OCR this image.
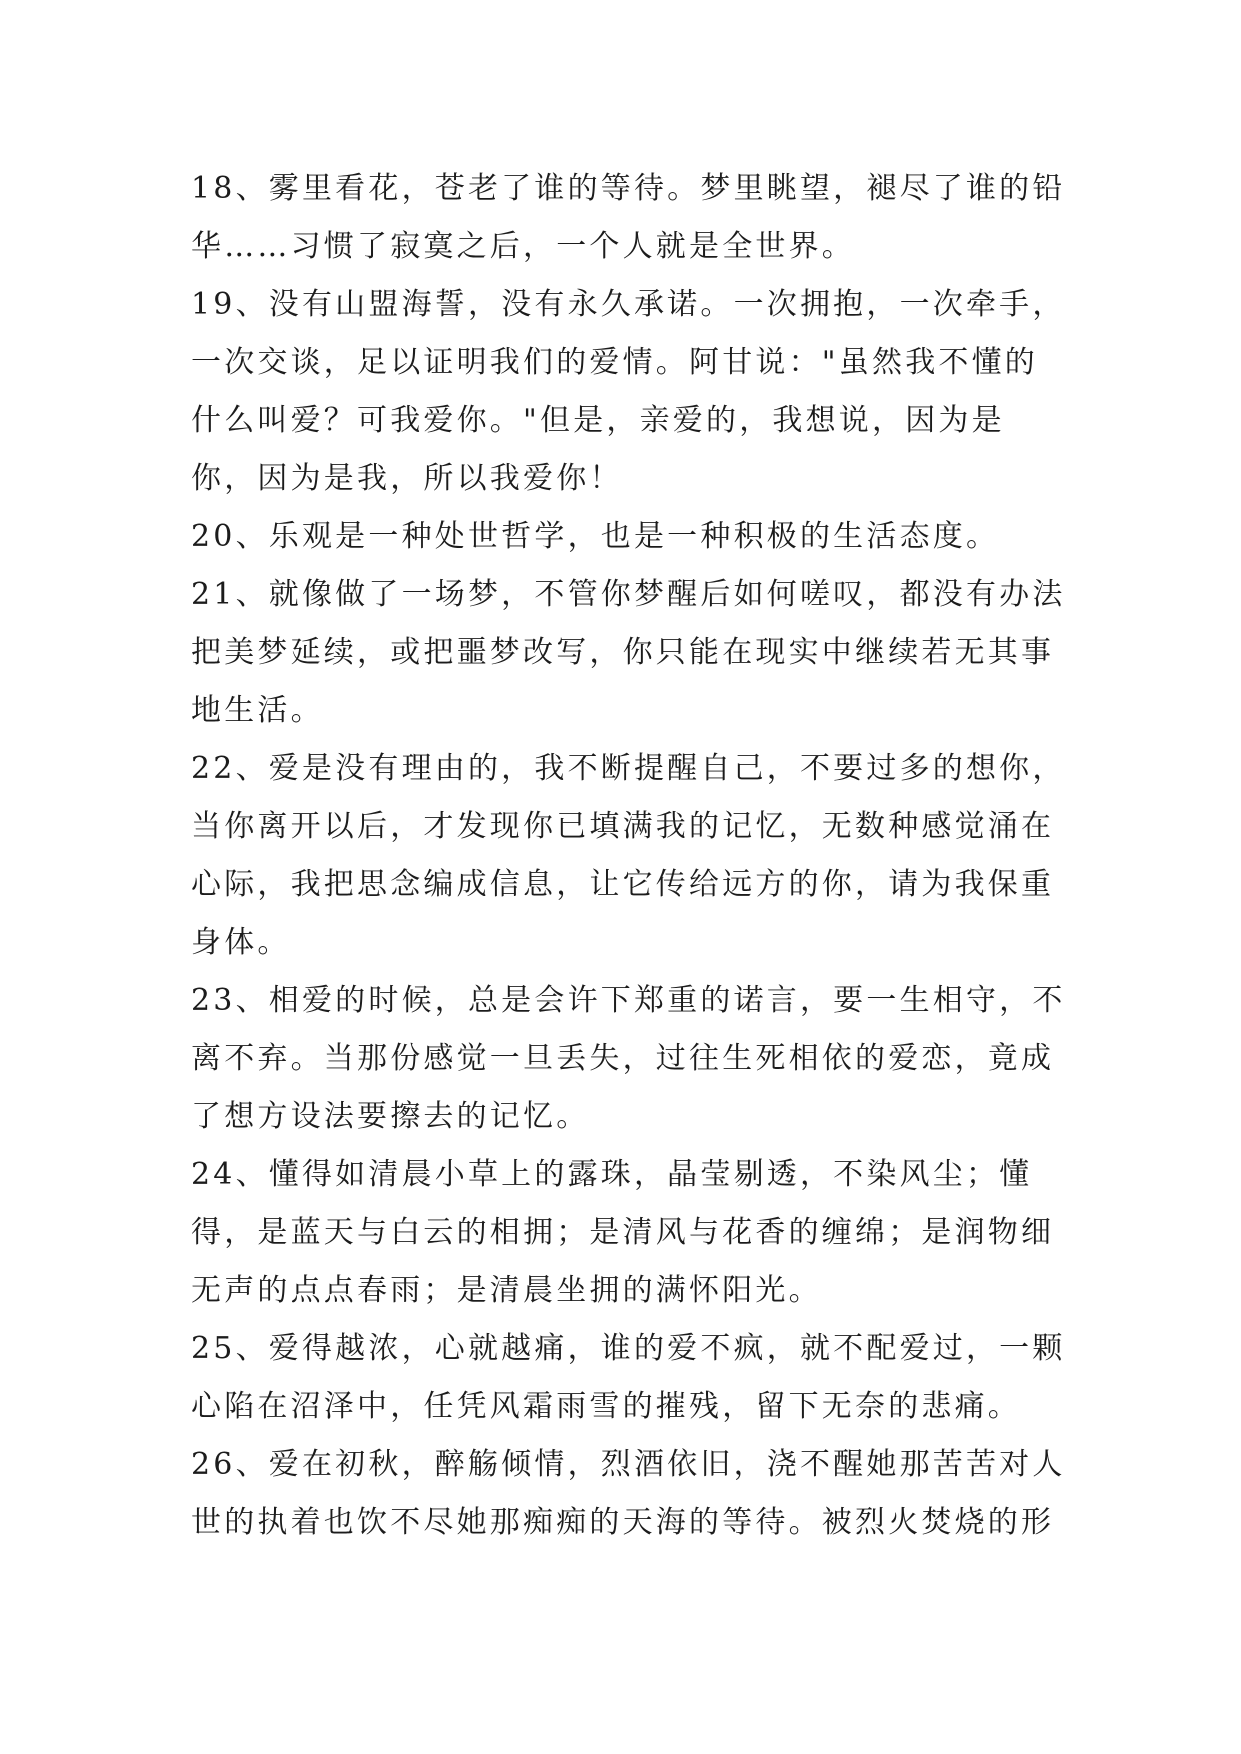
18、雾里看花，苍老了谁的等待。梦里眺望，褪尽了谁的铅华……习惯了寂寞之后，一个人就是全世界。

19、没有山盟海誓，没有永久承诺。一次拥抱，一次牵手，一次交谈，足以证明我们的爱情。阿甘说："虽然我不懂的什么叫爱？可我爱你。"但是，亲爱的，我想说，因为是你，因为是我，所以我爱你！

20、乐观是一种处世哲学，也是一种积极的生活态度。

21、就像做了一场梦，不管你梦醒后如何嗟叹，都没有办法把美梦延续，或把噩梦改写，你只能在现实中继续若无其事地生活。

22、爱是没有理由的，我不断提醒自己，不要过多的想你，当你离开以后，才发现你已填满我的记忆，无数种感觉涌在心际，我把思念编成信息，让它传给远方的你，请为我保重身体。

23、相爱的时候，总是会许下郑重的诺言，要一生相守，不离不弃。当那份感觉一旦丢失，过往生死相依的爱恋，竟成了想方设法要擦去的记忆。

24、懂得如清晨小草上的露珠，晶莹剔透，不染风尘；懂得，是蓝天与白云的相拥；是清风与花香的缠绵；是润物细无声的点点春雨；是清晨坐拥的满怀阳光。

25、爱得越浓，心就越痛，谁的爱不疯，就不配爱过，一颗心陷在沼泽中，任凭风霜雨雪的摧残，留下无奈的悲痛。

26、爱在初秋，醉觞倾情，烈酒依旧，浇不醒她那苦苦对人世的执着也饮不尽她那痴痴的天海的等待。被烈火焚烧的形
